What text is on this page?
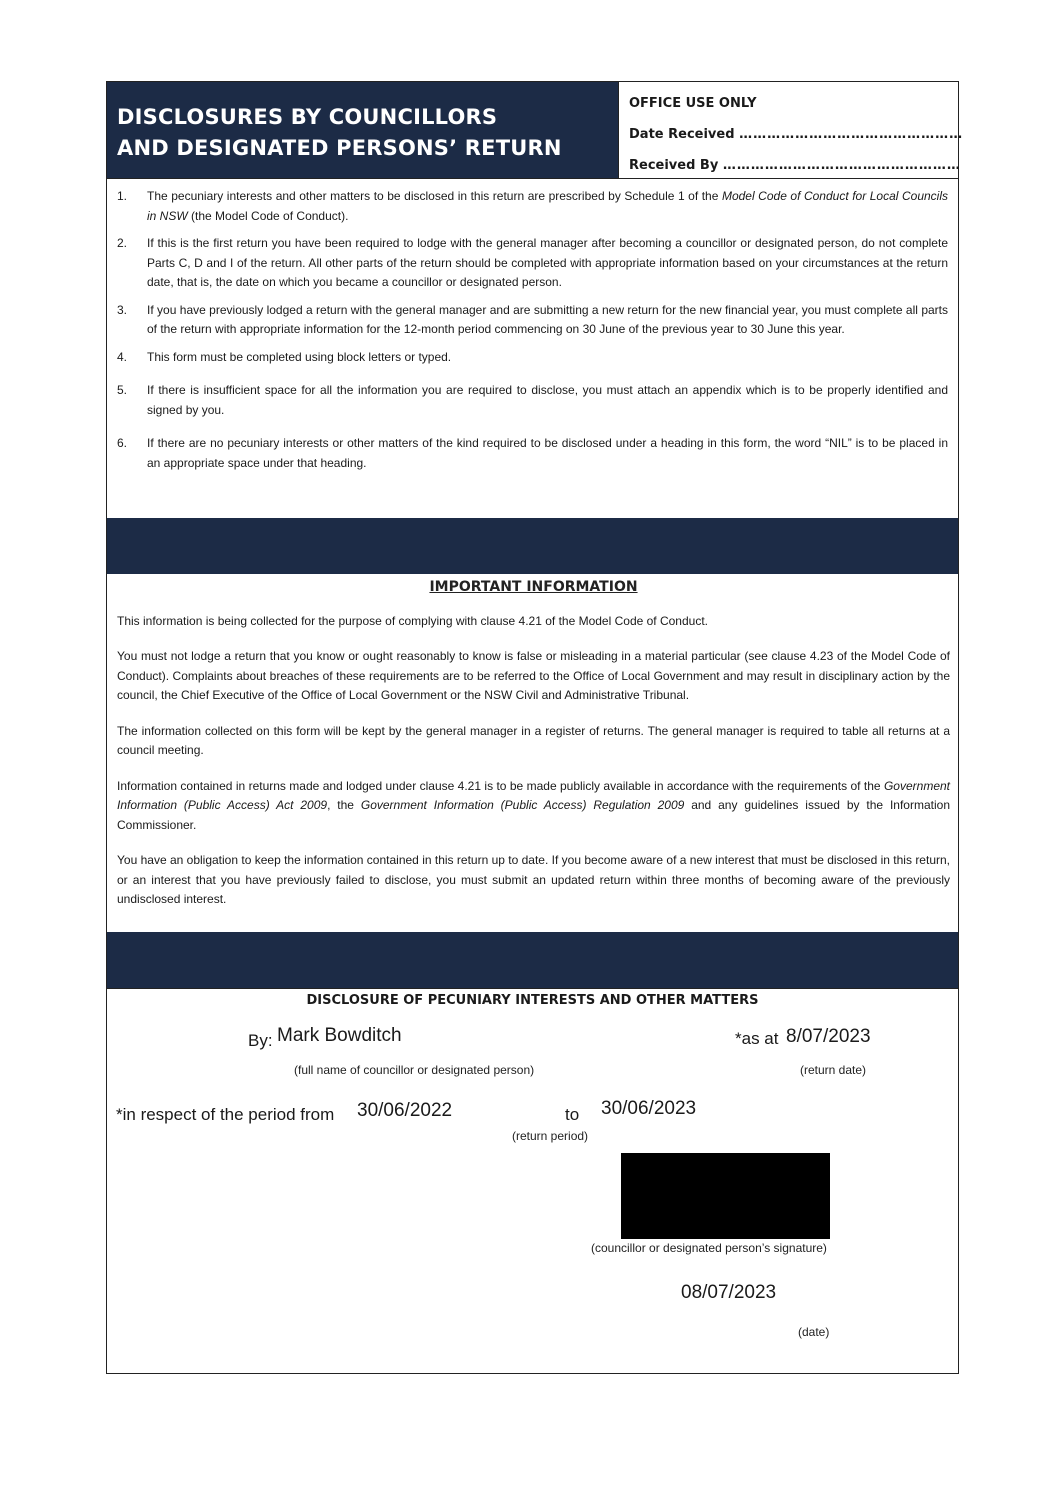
DISCLOSURES BY COUNCILLORS
AND DESIGNATED PERSONS’ RETURN
OFFICE USE ONLY
Date Received …………………………………………
Received By ……………………………………………
1.	The pecuniary interests and other matters to be disclosed in this return are prescribed by Schedule 1 of the Model Code of Conduct for Local Councils in NSW (the Model Code of Conduct).
2.	If this is the first return you have been required to lodge with the general manager after becoming a councillor or designated person, do not complete Parts C, D and I of the return. All other parts of the return should be completed with appropriate information based on your circumstances at the return date, that is, the date on which you became a councillor or designated person.
3.	If you have previously lodged a return with the general manager and are submitting a new return for the new financial year, you must complete all parts of the return with appropriate information for the 12-month period commencing on 30 June of the previous year to 30 June this year.
4.	This form must be completed using block letters or typed.
5.	If there is insufficient space for all the information you are required to disclose, you must attach an appendix which is to be properly identified and signed by you.
6.	If there are no pecuniary interests or other matters of the kind required to be disclosed under a heading in this form, the word “NIL” is to be placed in an appropriate space under that heading.
IMPORTANT INFORMATION

This information is being collected for the purpose of complying with clause 4.21 of the Model Code of Conduct.

You must not lodge a return that you know or ought reasonably to know is false or misleading in a material particular (see clause 4.23 of the Model Code of Conduct). Complaints about breaches of these requirements are to be referred to the Office of Local Government and may result in disciplinary action by the council, the Chief Executive of the Office of Local Government or the NSW Civil and Administrative Tribunal.

The information collected on this form will be kept by the general manager in a register of returns. The general manager is required to table all returns at a council meeting.

Information contained in returns made and lodged under clause 4.21 is to be made publicly available in accordance with the requirements of the Government Information (Public Access) Act 2009, the Government Information (Public Access) Regulation 2009 and any guidelines issued by the Information Commissioner.

You have an obligation to keep the information contained in this return up to date. If you become aware of a new interest that must be disclosed in this return, or an interest that you have previously failed to disclose, you must submit an updated return within three months of becoming aware of the previously undisclosed interest.

DISCLOSURE OF PECUNIARY INTERESTS AND OTHER MATTERS
By: Mark Bowditch	*as at 8/07/2023
(full name of councillor or designated person)	(return date)
*in respect of the period from 30/06/2022	to 30/06/2023
(return period)
(councillor or designated person’s signature)
08/07/2023
(date)
